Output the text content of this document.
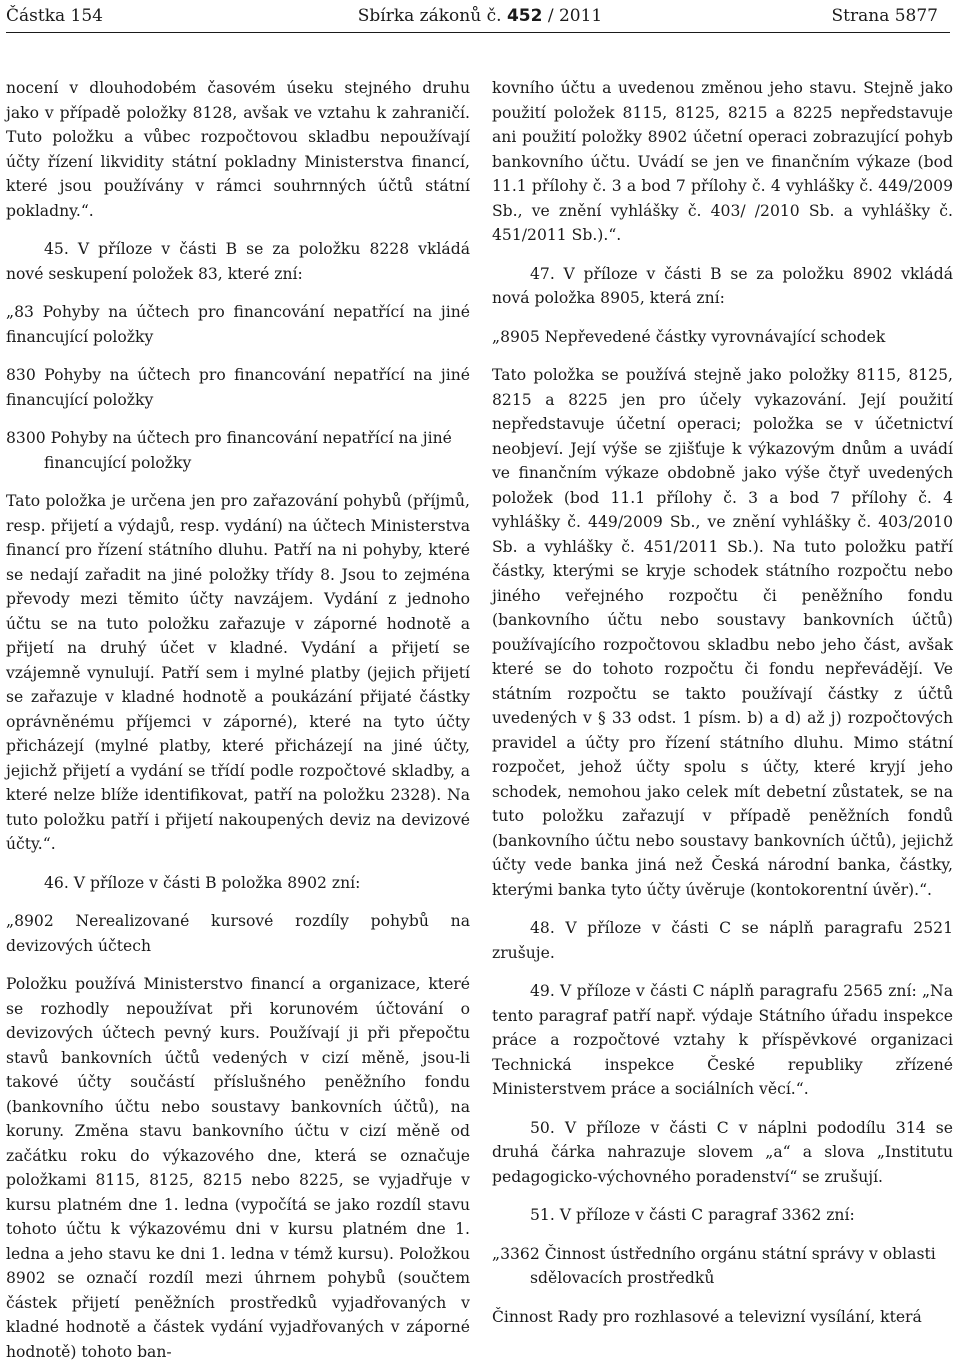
Částka 154	Sbírka zákonů č. 452 / 2011	Strana 5877

nocení v dlouhodobém časovém úseku stejného druhu jako v případě položky 8128, avšak ve vztahu k zahraničí. Tuto položku a vůbec rozpočtovou skladbu nepoužívají účty řízení likvidity státní pokladny Ministerstva financí, které jsou používány v rámci souhrnných účtů státní pokladny.“.

45. V příloze v části B se za položku 8228 vkládá nové seskupení položek 83, které zní:

„83 Pohyby na účtech pro financování nepatřící na jiné financující položky

830 Pohyby na účtech pro financování nepatřící na jiné financující položky

8300 Pohyby na účtech pro financování nepatřící na jiné financující položky

Tato položka je určena jen pro zařazování pohybů (příjmů, resp. přijetí a výdajů, resp. vydání) na účtech Ministerstva financí pro řízení státního dluhu. Patří na ni pohyby, které se nedají zařadit na jiné položky třídy 8. Jsou to zejména převody mezi těmito účty navzájem. Vydání z jednoho účtu se na tuto položku zařazuje v záporné hodnotě a přijetí na druhý účet v kladné. Vydání a přijetí se vzájemně vynulují. Patří sem i mylné platby (jejich přijetí se zařazuje v kladné hodnotě a poukázání přijaté částky oprávněnému příjemci v záporné), které na tyto účty přicházejí (mylné platby, které přicházejí na jiné účty, jejichž přijetí a vydání se třídí podle rozpočtové skladby, a které nelze blíže identifikovat, patří na položku 2328). Na tuto položku patří i přijetí nakoupených deviz na devizové účty.“.

46. V příloze v části B položka 8902 zní:

„8902 Nerealizované kursové rozdíly pohybů na devizových účtech

Položku používá Ministerstvo financí a organizace, které se rozhodly nepoužívat při korunovém účtování o devizových účtech pevný kurs. Používají ji při přepočtu stavů bankovních účtů vedených v cizí měně, jsou-li takové účty součástí příslušného peněžního fondu (bankovního účtu nebo soustavy bankovních účtů), na koruny. Změna stavu bankovního účtu v cizí měně od začátku roku do výkazového dne, která se označuje položkami 8115, 8125, 8215 nebo 8225, se vyjadřuje v kursu platném dne 1. ledna (vypočítá se jako rozdíl stavu tohoto účtu k výkazovému dni v kursu platném dne 1. ledna a jeho stavu ke dni 1. ledna v témž kursu). Položkou 8902 se označí rozdíl mezi úhrnem pohybů (součtem částek přijetí peněžních prostředků vyjadřovaných v kladné hodnotě a částek vydání vyjadřovaných v záporné hodnotě) tohoto ban-

kovního účtu a uvedenou změnou jeho stavu. Stejně jako použití položek 8115, 8125, 8215 a 8225 nepředstavuje ani použití položky 8902 účetní operaci zobrazující pohyb bankovního účtu. Uvádí se jen ve finančním výkaze (bod 11.1 přílohy č. 3 a bod 7 přílohy č. 4 vyhlášky č. 449/2009 Sb., ve znění vyhlášky č. 403/ /2010 Sb. a vyhlášky č. 451/2011 Sb.).“.

47. V příloze v části B se za položku 8902 vkládá nová položka 8905, která zní:

„8905 Nepřevedené částky vyrovnávající schodek

Tato položka se používá stejně jako položky 8115, 8125, 8215 a 8225 jen pro účely vykazování. Její použití nepředstavuje účetní operaci; položka se v účetnictví neobjeví. Její výše se zjišťuje k výkazovým dnům a uvádí ve finančním výkaze obdobně jako výše čtyř uvedených položek (bod 11.1 přílohy č. 3 a bod 7 přílohy č. 4 vyhlášky č. 449/2009 Sb., ve znění vyhlášky č. 403/2010 Sb. a vyhlášky č. 451/2011 Sb.). Na tuto položku patří částky, kterými se kryje schodek státního rozpočtu nebo jiného veřejného rozpočtu či peněžního fondu (bankovního účtu nebo soustavy bankovních účtů) používajícího rozpočtovou skladbu nebo jeho část, avšak které se do tohoto rozpočtu či fondu nepřevádějí. Ve státním rozpočtu se takto používají částky z účtů uvedených v § 33 odst. 1 písm. b) a d) až j) rozpočtových pravidel a účty pro řízení státního dluhu. Mimo státní rozpočet, jehož účty spolu s účty, které kryjí jeho schodek, nemohou jako celek mít debetní zůstatek, se na tuto položku zařazují v případě peněžních fondů (bankovního účtu nebo soustavy bankovních účtů), jejichž účty vede banka jiná než Česká národní banka, částky, kterými banka tyto účty úvěruje (kontokorentní úvěr).“.

48. V příloze v části C se náplň paragrafu 2521 zrušuje.

49. V příloze v části C náplň paragrafu 2565 zní: „Na tento paragraf patří např. výdaje Státního úřadu inspekce práce a rozpočtové vztahy k příspěvkové organizaci Technická inspekce České republiky zřízené Ministerstvem práce a sociálních věcí.“.

50. V příloze v části C v náplni pododílu 314 se druhá čárka nahrazuje slovem „a“ a slova „Institutu pedagogicko-výchovného poradenství“ se zrušují.

51. V příloze v části C paragraf 3362 zní:

„3362 Činnost ústředního orgánu státní správy v oblasti sdělovacích prostředků

Činnost Rady pro rozhlasové a televizní vysílání, která
